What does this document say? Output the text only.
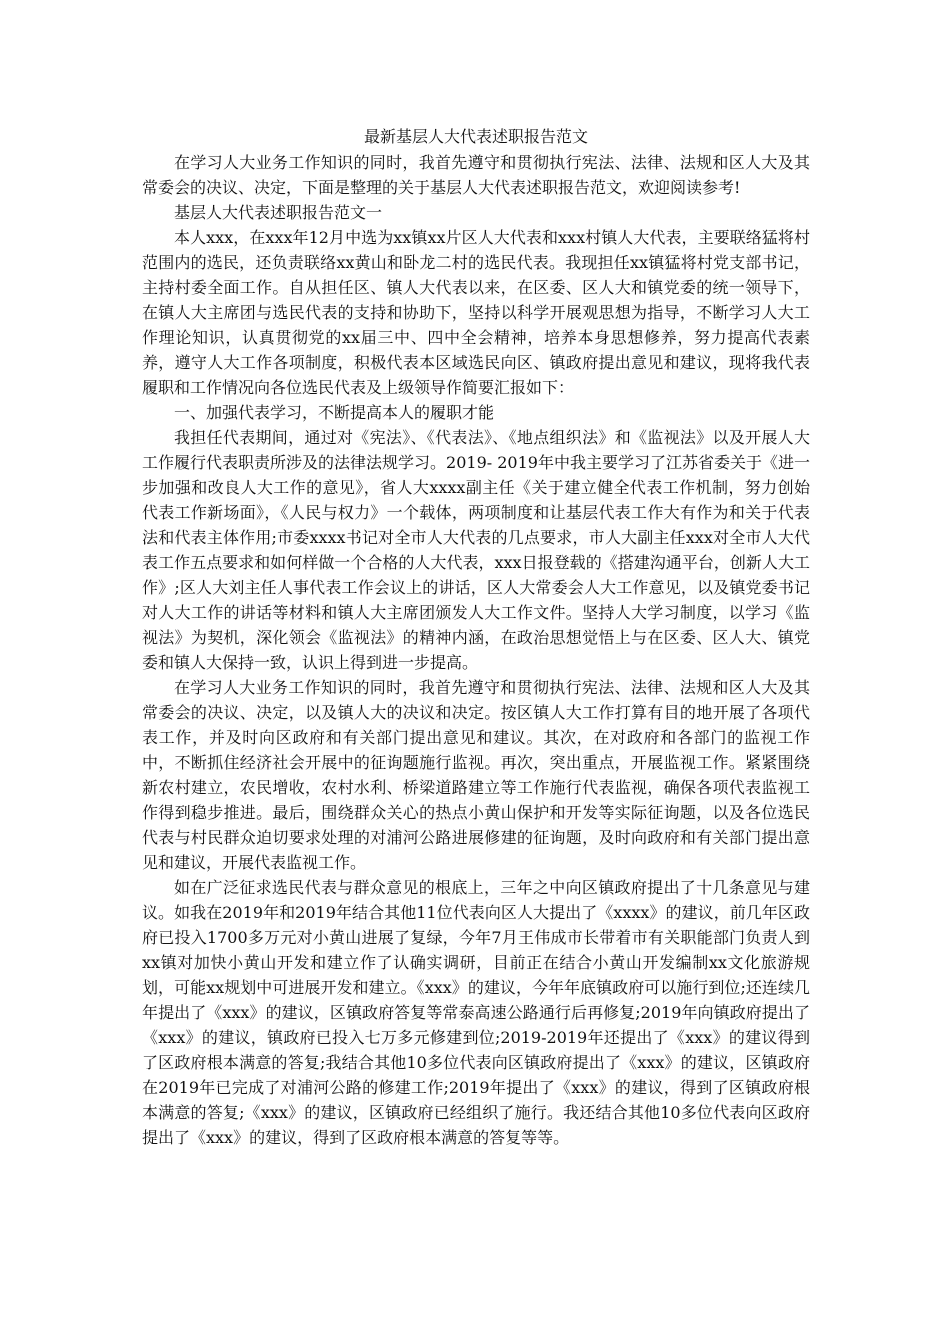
最新基层人大代表述职报告范文

在学习人大业务工作知识的同时，我首先遵守和贯彻执行宪法、法律、法规和区人大及其常委会的决议、决定，下面是整理的关于基层人大代表述职报告范文，欢迎阅读参考!

基层人大代表述职报告范文一

本人xxx，在xxx年12月中选为xx镇xx片区人大代表和xxx村镇人大代表，主要联络猛将村范围内的选民，还负责联络xx黄山和卧龙二村的选民代表。我现担任xx镇猛将村党支部书记，主持村委全面工作。自从担任区、镇人大代表以来，在区委、区人大和镇党委的统一领导下，在镇人大主席团与选民代表的支持和协助下，坚持以科学开展观思想为指导，不断学习人大工作理论知识，认真贯彻党的xx届三中、四中全会精神，培养本身思想修养，努力提高代表素养，遵守人大工作各项制度，积极代表本区域选民向区、镇政府提出意见和建议，现将我代表履职和工作情况向各位选民代表及上级领导作简要汇报如下：

一、加强代表学习，不断提高本人的履职才能

我担任代表期间，通过对《宪法》、《代表法》、《地点组织法》和《监视法》以及开展人大工作履行代表职责所涉及的法律法规学习。2019- 2019年中我主要学习了江苏省委关于《进一步加强和改良人大工作的意见》，省人大xxxx副主任《关于建立健全代表工作机制，努力创始代表工作新场面》，《人民与权力》一个载体，两项制度和让基层代表工作大有作为和关于代表法和代表主体作用;市委xxxx书记对全市人大代表的几点要求，市人大副主任xxx对全市人大代表工作五点要求和如何样做一个合格的人大代表，xxx日报登载的《搭建沟通平台，创新人大工作》;区人大刘主任人事代表工作会议上的讲话，区人大常委会人大工作意见，以及镇党委书记对人大工作的讲话等材料和镇人大主席团颁发人大工作文件。坚持人大学习制度，以学习《监视法》为契机，深化领会《监视法》的精神内涵，在政治思想觉悟上与在区委、区人大、镇党委和镇人大保持一致，认识上得到进一步提高。

在学习人大业务工作知识的同时，我首先遵守和贯彻执行宪法、法律、法规和区人大及其常委会的决议、决定，以及镇人大的决议和决定。按区镇人大工作打算有目的地开展了各项代表工作，并及时向区政府和有关部门提出意见和建议。其次，在对政府和各部门的监视工作中，不断抓住经济社会开展中的征询题施行监视。再次，突出重点，开展监视工作。紧紧围绕新农村建立，农民增收，农村水利、桥梁道路建立等工作施行代表监视，确保各项代表监视工作得到稳步推进。最后，围绕群众关心的热点小黄山保护和开发等实际征询题，以及各位选民代表与村民群众迫切要求处理的对浦河公路进展修建的征询题，及时向政府和有关部门提出意见和建议，开展代表监视工作。

如在广泛征求选民代表与群众意见的根底上，三年之中向区镇政府提出了十几条意见与建议。如我在2019年和2019年结合其他11位代表向区人大提出了《xxxx》的建议，前几年区政府已投入1700多万元对小黄山进展了复绿，今年7月王伟成市长带着市有关职能部门负责人到xx镇对加快小黄山开发和建立作了认确实调研，目前正在结合小黄山开发编制xx文化旅游规划，可能xx规划中可进展开发和建立。《xxx》的建议，今年年底镇政府可以施行到位;还连续几年提出了《xxx》的建议，区镇政府答复等常泰高速公路通行后再修复;2019年向镇政府提出了《xxx》的建议，镇政府已投入七万多元修建到位;2019-2019年还提出了《xxx》的建议得到了区政府根本满意的答复;我结合其他10多位代表向区镇政府提出了《xxx》的建议，区镇政府在2019年已完成了对浦河公路的修建工作;2019年提出了《xxx》的建议，得到了区镇政府根本满意的答复;《xxx》的建议，区镇政府已经组织了施行。我还结合其他10多位代表向区政府提出了《xxx》的建议，得到了区政府根本满意的答复等等。
